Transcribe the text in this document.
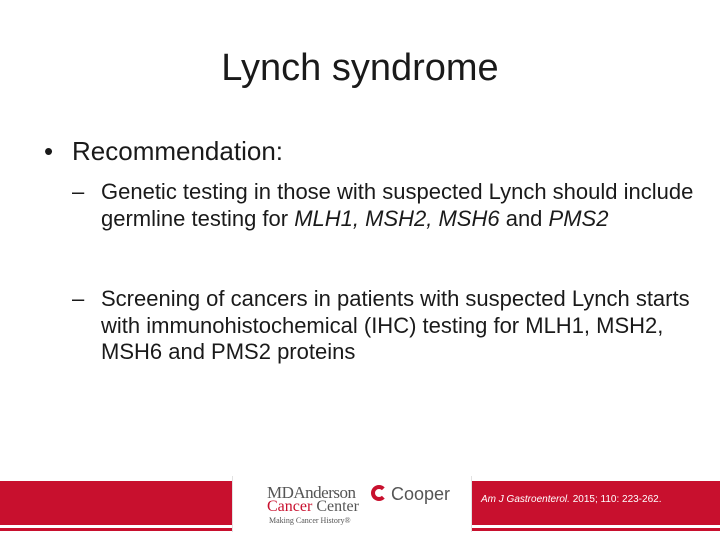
Lynch syndrome
• Recommendation:
– Genetic testing in those with suspected Lynch should include germline testing for MLH1, MSH2, MSH6 and PMS2
– Screening of cancers in patients with suspected Lynch starts with immunohistochemical (IHC) testing for MLH1, MSH2, MSH6 and PMS2 proteins
MDAnderson
Cancer Center
Making Cancer History®
Cooper	Am J Gastroenterol. 2015; 110: 223-262.
